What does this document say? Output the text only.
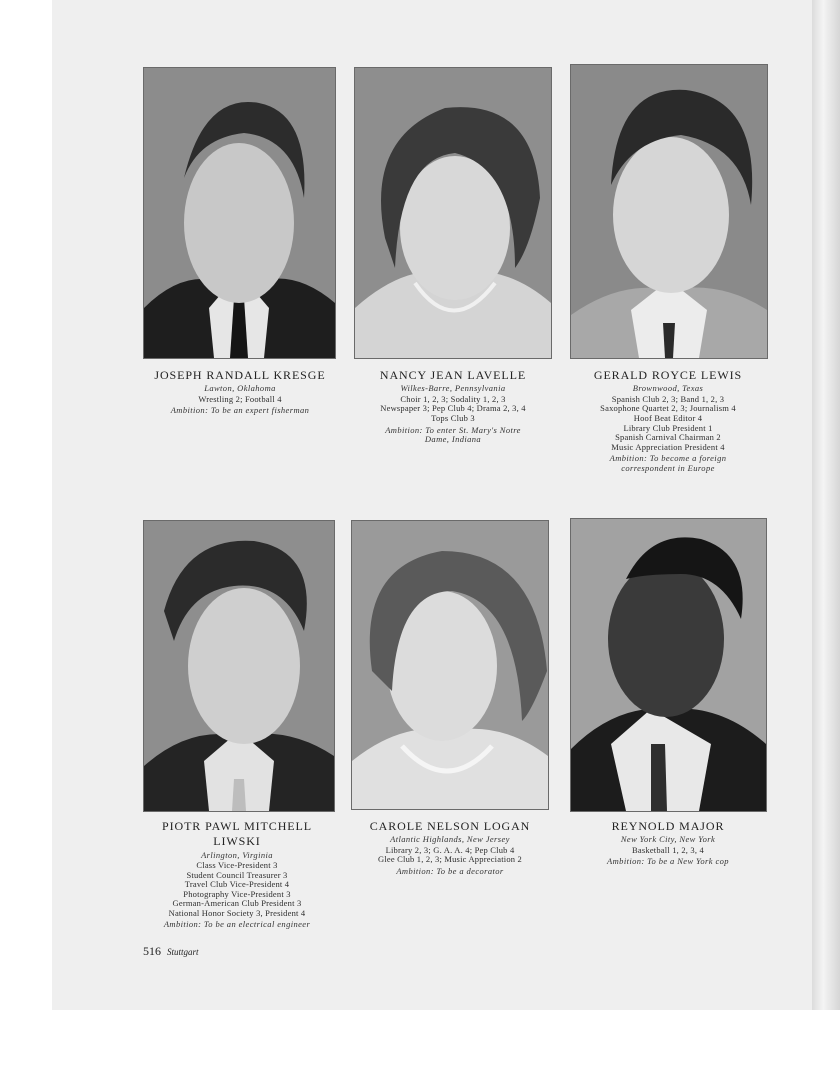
JOSEPH RANDALL KRESGE
Lawton, Oklahoma
Wrestling 2; Football 4
Ambition: To be an expert fisherman
NANCY JEAN LAVELLE
Wilkes-Barre, Pennsylvania
Choir 1, 2, 3; Sodality 1, 2, 3
Newspaper 3; Pep Club 4; Drama 2, 3, 4
Tops Club 3
Ambition: To enter St. Mary's Notre
Dame, Indiana
GERALD ROYCE LEWIS
Brownwood, Texas
Spanish Club 2, 3; Band 1, 2, 3
Saxophone Quartet 2, 3; Journalism 4
Hoof Beat Editor 4
Library Club President 1
Spanish Carnival Chairman 2
Music Appreciation President 4
Ambition: To become a foreign
correspondent in Europe
PIOTR PAWL MITCHELL
LIWSKI
Arlington, Virginia
Class Vice-President 3
Student Council Treasurer 3
Travel Club Vice-President 4
Photography Vice-President 3
German-American Club President 3
National Honor Society 3, President 4
Ambition: To be an electrical engineer
CAROLE NELSON LOGAN
Atlantic Highlands, New Jersey
Library 2, 3; G. A. A. 4; Pep Club 4
Glee Club 1, 2, 3; Music Appreciation 2
Ambition: To be a decorator
REYNOLD MAJOR
New York City, New York
Basketball 1, 2, 3, 4
Ambition: To be a New York cop
516 Stuttgart
